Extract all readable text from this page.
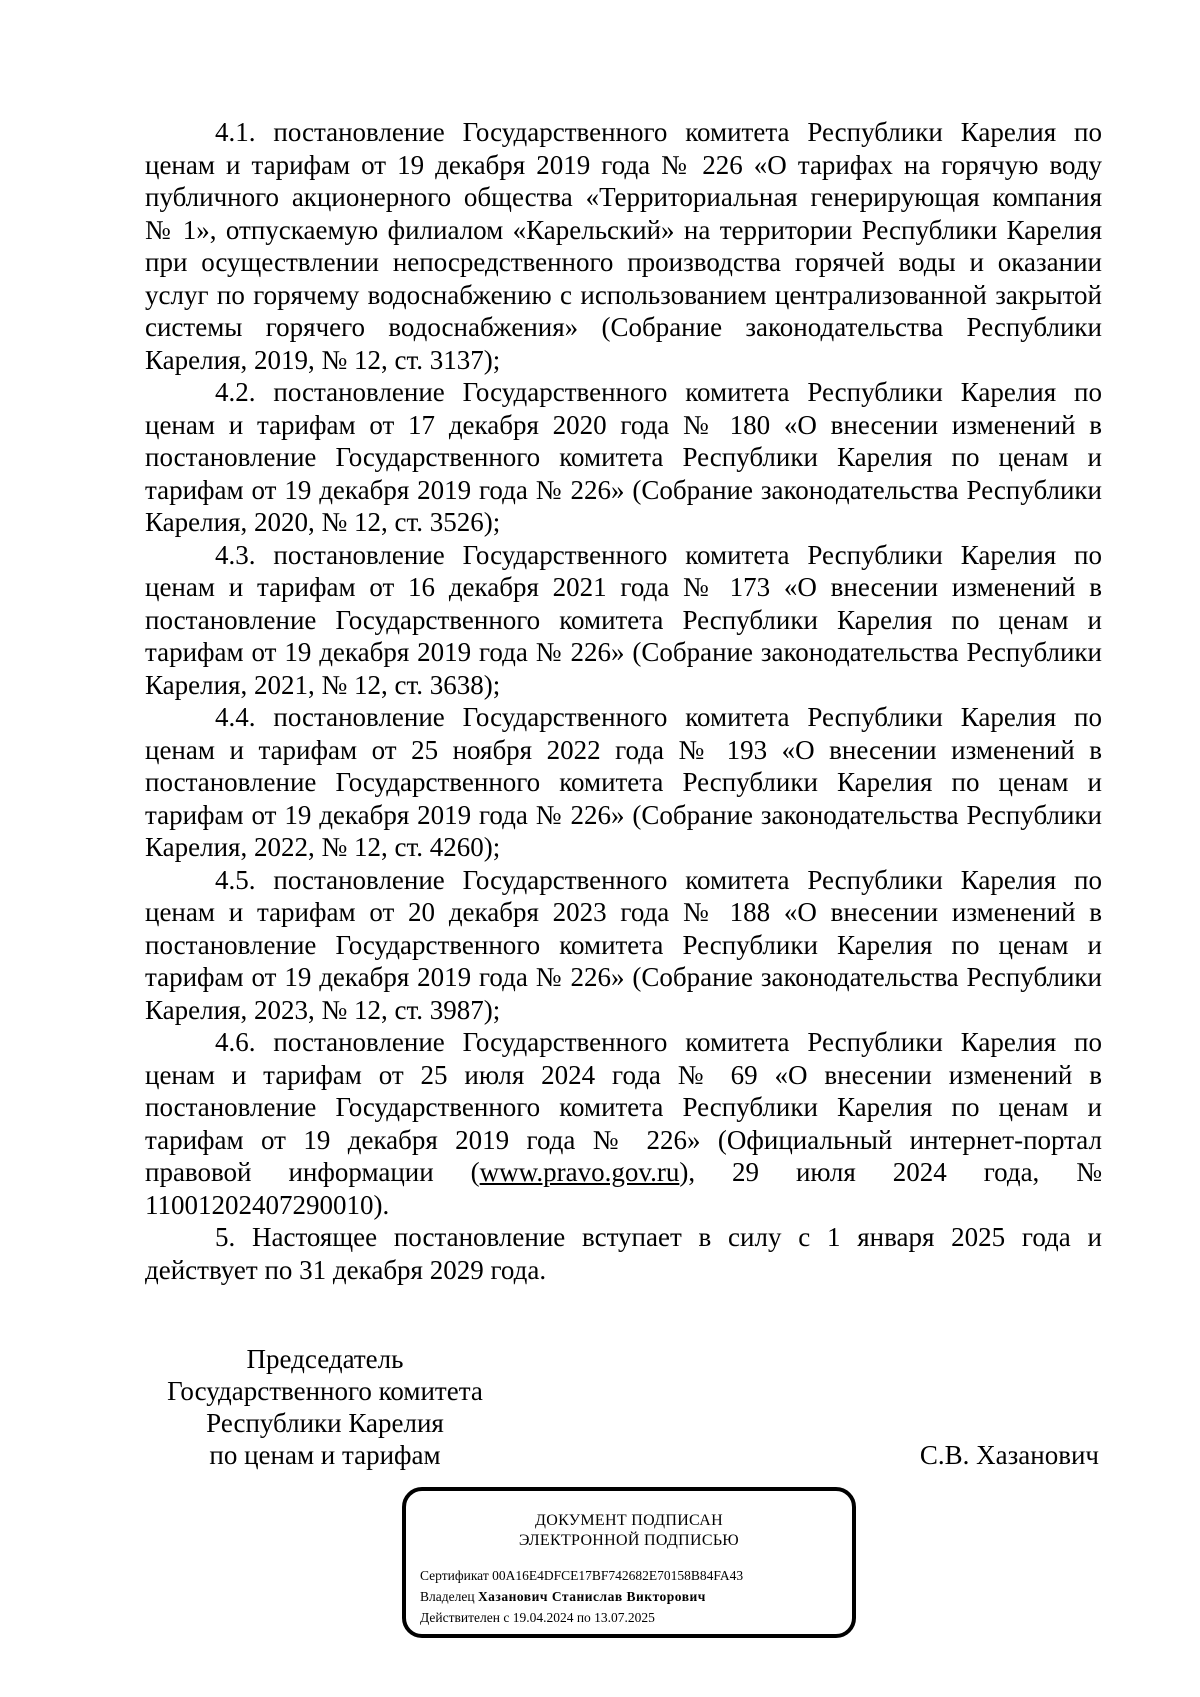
4.1. постановление Государственного комитета Республики Карелия по ценам и тарифам от 19 декабря 2019 года № 226 «О тарифах на горячую воду публичного акционерного общества «Территориальная генерирующая компания № 1», отпускаемую филиалом «Карельский» на территории Республики Карелия при осуществлении непосредственного производства горячей воды и оказании услуг по горячему водоснабжению с использованием централизованной закрытой системы горячего водоснабжения» (Собрание законодательства Республики Карелия, 2019, № 12, ст. 3137);

4.2. постановление Государственного комитета Республики Карелия по ценам и тарифам от 17 декабря 2020 года № 180 «О внесении изменений в постановление Государственного комитета Республики Карелия по ценам и тарифам от 19 декабря 2019 года № 226» (Собрание законодательства Республики Карелия, 2020, № 12, ст. 3526);

4.3. постановление Государственного комитета Республики Карелия по ценам и тарифам от 16 декабря 2021 года № 173 «О внесении изменений в постановление Государственного комитета Республики Карелия по ценам и тарифам от 19 декабря 2019 года № 226» (Собрание законодательства Республики Карелия, 2021, № 12, ст. 3638);

4.4. постановление Государственного комитета Республики Карелия по ценам и тарифам от 25 ноября 2022 года № 193 «О внесении изменений в постановление Государственного комитета Республики Карелия по ценам и тарифам от 19 декабря 2019 года № 226» (Собрание законодательства Республики Карелия, 2022, № 12, ст. 4260);

4.5. постановление Государственного комитета Республики Карелия по ценам и тарифам от 20 декабря 2023 года № 188 «О внесении изменений в постановление Государственного комитета Республики Карелия по ценам и тарифам от 19 декабря 2019 года № 226» (Собрание законодательства Республики Карелия, 2023, № 12, ст. 3987);

4.6. постановление Государственного комитета Республики Карелия по ценам и тарифам от 25 июля 2024 года № 69 «О внесении изменений в постановление Государственного комитета Республики Карелия по ценам и тарифам от 19 декабря 2019 года № 226» (Официальный интернет-портал правовой информации (www.pravo.gov.ru), 29 июля 2024 года, № 11001202407290010).

5. Настоящее постановление вступает в силу с 1 января 2025 года и действует по 31 декабря 2029 года.

Председатель
Государственного комитета
Республики Карелия
по ценам и тарифам	С.В. Хазанович
ДОКУМЕНТ ПОДПИСАН
ЭЛЕКТРОННОЙ ПОДПИСЬЮ
Сертификат 00A16E4DFCE17BF742682E70158B84FA43
Владелец Хазанович Станислав Викторович
Действителен с 19.04.2024 по 13.07.2025
